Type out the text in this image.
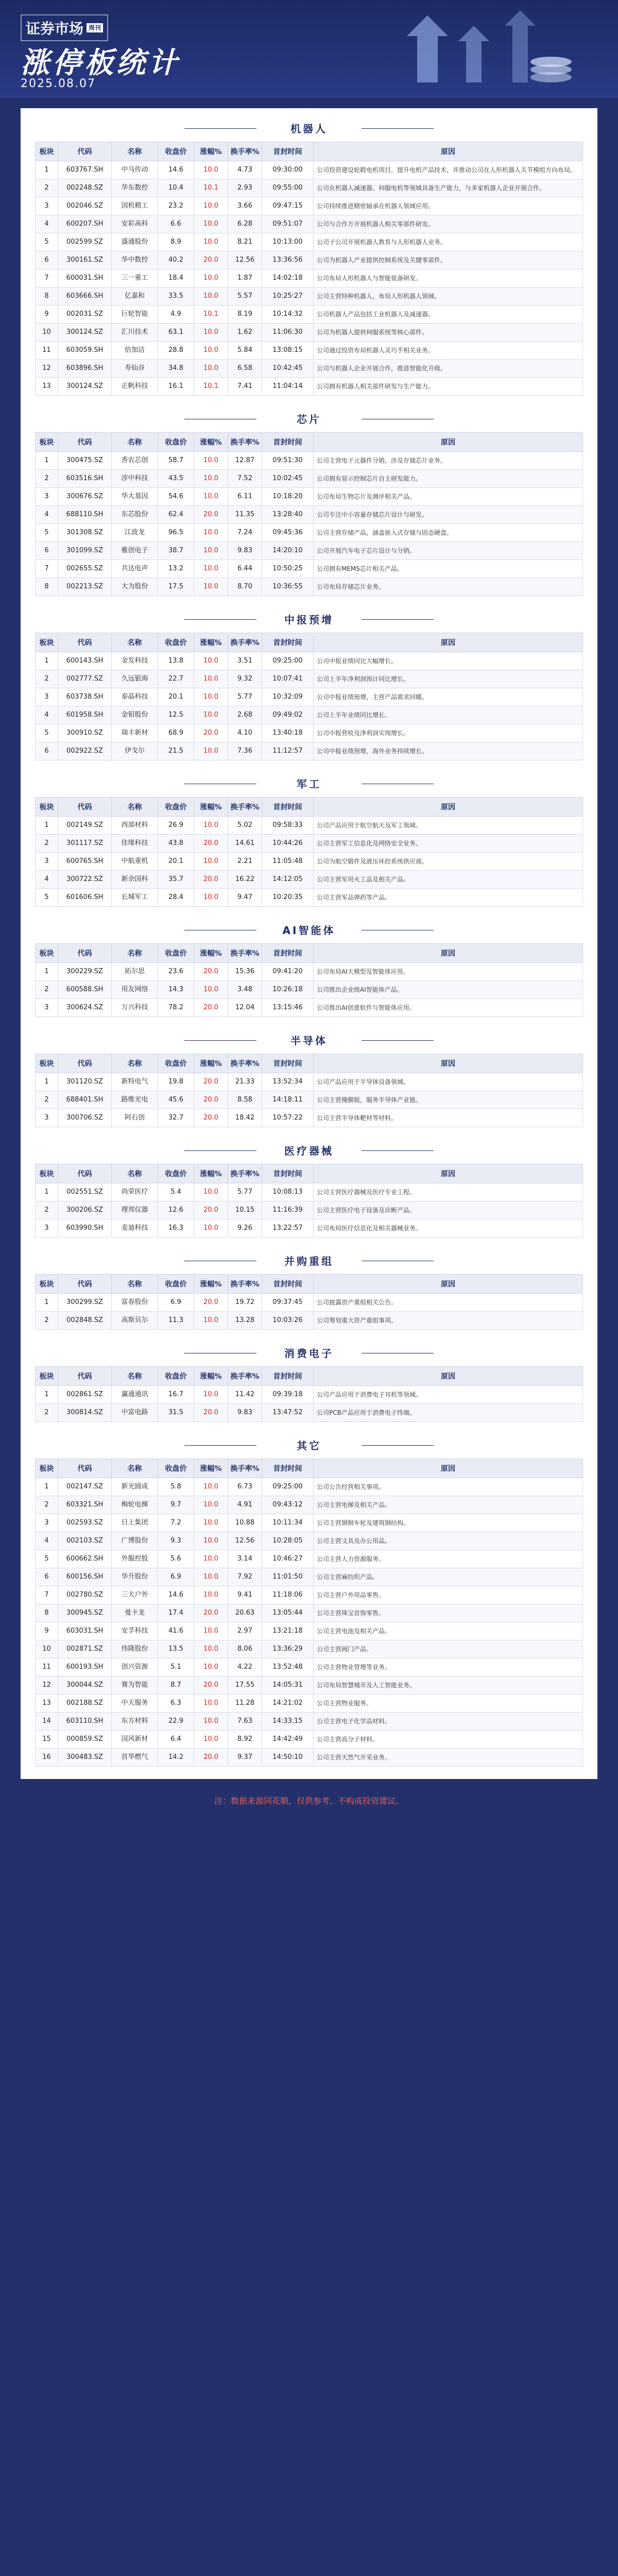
证券市场 周刊
涨停板统计
2025.08.07
机器人
板块	代码	名称	收盘价	涨幅%	换手率%	首封时间	原因
1	603767.SH	中马传动	14.6	10.0	4.73	09:30:00	公司投资建设轮毂电机项目，提升电机产品技术，并推动公司在人形机器人关节模组方向布局。
2	002248.SZ	华东数控	10.4	10.1	2.93	09:55:00	公司在机器人减速器、伺服电机等领域具备生产能力，与多家机器人企业开展合作。
3	002046.SZ	国机精工	23.2	10.0	3.66	09:47:15	公司持续推进精密轴承在机器人领域应用。
4	600207.SH	安彩高科	6.6	10.0	6.28	09:51:07	公司与合作方开展机器人相关零部件研发。
5	002599.SZ	盛通股份	8.9	10.0	8.21	10:13:00	公司子公司开展机器人教育与人形机器人业务。
6	300161.SZ	华中数控	40.2	20.0	12.56	13:36:56	公司为机器人产业提供控制系统及关键零部件。
7	600031.SH	三一重工	18.4	10.0	1.87	14:02:18	公司布局人形机器人与智能装备研发。
8	603666.SH	亿嘉和	33.5	10.0	5.57	10:25:27	公司主营特种机器人，布局人形机器人领域。
9	002031.SZ	巨轮智能	4.9	10.1	8.19	10:14:32	公司机器人产品包括工业机器人及减速器。
10	300124.SZ	汇川技术	63.1	10.0	1.62	11:06:30	公司为机器人提供伺服系统等核心部件。
11	603059.SH	倍加洁	28.8	10.0	5.84	13:08:15	公司通过投资布局机器人灵巧手相关业务。
12	603896.SH	寿仙谷	34.8	10.0	6.58	10:42:45	公司与机器人企业开展合作，推进智能化升级。
13	300124.SZ	正帆科技	16.1	10.1	7.41	11:04:14	公司拥有机器人相关部件研发与生产能力。
芯片
板块	代码	名称	收盘价	涨幅%	换手率%	首封时间	原因
1	300475.SZ	香农芯创	58.7	10.0	12.87	09:51:30	公司主营电子元器件分销，涉及存储芯片业务。
2	603516.SH	淳中科技	43.5	10.0	7.52	10:02:45	公司拥有显示控制芯片自主研发能力。
3	300676.SZ	华大基因	54.6	10.0	6.11	10:18:20	公司布局生物芯片及测序相关产品。
4	688110.SH	东芯股份	62.4	20.0	11.35	13:28:40	公司专注中小容量存储芯片设计与研发。
5	301308.SZ	江波龙	96.5	10.0	7.24	09:45:36	公司主营存储产品，涵盖嵌入式存储与固态硬盘。
6	301099.SZ	雅创电子	38.7	10.0	9.83	14:20:10	公司开展汽车电子芯片设计与分销。
7	002655.SZ	共达电声	13.2	10.0	6.44	10:50:25	公司拥有MEMS芯片相关产品。
8	002213.SZ	大为股份	17.5	10.0	8.70	10:36:55	公司布局存储芯片业务。
中报预增
板块	代码	名称	收盘价	涨幅%	换手率%	首封时间	原因
1	600143.SH	金发科技	13.8	10.0	3.51	09:25:00	公司中报业绩同比大幅增长。
2	002777.SZ	久远银海	22.7	10.0	9.32	10:07:41	公司上半年净利润预计同比增长。
3	603738.SH	泰晶科技	20.1	10.0	5.77	10:32:09	公司中报业绩预增，主营产品需求回暖。
4	601958.SH	金钼股份	12.5	10.0	2.68	09:49:02	公司上半年业绩同比增长。
5	300910.SZ	瑞丰新材	68.9	20.0	4.10	13:40:18	公司中报营收及净利润实现增长。
6	002922.SZ	伊戈尔	21.5	10.0	7.36	11:12:57	公司中报业绩预增，海外业务持续增长。
军工
板块	代码	名称	收盘价	涨幅%	换手率%	首封时间	原因
1	002149.SZ	西部材料	26.9	10.0	5.02	09:58:33	公司产品应用于航空航天及军工领域。
2	301117.SZ	佳缘科技	43.8	20.0	14.61	10:44:26	公司主营军工信息化及网络安全业务。
3	600765.SH	中航重机	20.1	10.0	2.21	11:05:48	公司为航空锻件及液压环控系统供应商。
4	300722.SZ	新余国科	35.7	20.0	16.22	14:12:05	公司主营军用火工品及相关产品。
5	601606.SH	长城军工	28.4	10.0	9.47	10:20:35	公司主营军品弹药等产品。
AI智能体
板块	代码	名称	收盘价	涨幅%	换手率%	首封时间	原因
1	300229.SZ	拓尔思	23.6	20.0	15.36	09:41:20	公司布局AI大模型及智能体应用。
2	600588.SH	用友网络	14.3	10.0	3.48	10:26:18	公司推出企业级AI智能体产品。
3	300624.SZ	万兴科技	78.2	20.0	12.04	13:15:46	公司推出AI创意软件与智能体应用。
半导体
板块	代码	名称	收盘价	涨幅%	换手率%	首封时间	原因
1	301120.SZ	新特电气	19.8	20.0	21.33	13:52:34	公司产品应用于半导体设备领域。
2	688401.SH	路维光电	45.6	20.0	8.58	14:18:11	公司主营掩膜版，服务半导体产业链。
3	300706.SZ	阿石创	32.7	20.0	18.42	10:57:22	公司主营半导体靶材等材料。
医疗器械
板块	代码	名称	收盘价	涨幅%	换手率%	首封时间	原因
1	002551.SZ	尚荣医疗	5.4	10.0	5.77	10:08:13	公司主营医疗器械及医疗专业工程。
2	300206.SZ	理邦仪器	12.6	20.0	10.15	11:16:39	公司主营医疗电子设备及诊断产品。
3	603990.SH	麦迪科技	16.3	10.0	9.26	13:22:57	公司布局医疗信息化及相关器械业务。
并购重组
板块	代码	名称	收盘价	涨幅%	换手率%	首封时间	原因
1	300299.SZ	富春股份	6.9	20.0	19.72	09:37:45	公司披露资产重组相关公告。
2	002848.SZ	高斯贝尔	11.3	10.0	13.28	10:03:26	公司筹划重大资产重组事项。
消费电子
板块	代码	名称	收盘价	涨幅%	换手率%	首封时间	原因
1	002861.SZ	瀛通通讯	16.7	10.0	11.42	09:39:18	公司产品应用于消费电子耳机等领域。
2	300814.SZ	中富电路	31.5	20.0	9.83	13:47:52	公司PCB产品应用于消费电子终端。
其它
板块	代码	名称	收盘价	涨幅%	换手率%	首封时间	原因
1	002147.SZ	新光圆成	5.8	10.0	6.73	09:25:00	公司公告经营相关事项。
2	603321.SH	梅轮电梯	9.7	10.0	4.91	09:43:12	公司主营电梯及相关产品。
3	002593.SZ	日上集团	7.2	10.0	10.88	10:11:34	公司主营钢制车轮及建筑钢结构。
4	002103.SZ	广博股份	9.3	10.0	12.56	10:28:05	公司主营文具及办公用品。
5	600662.SH	外服控股	5.6	10.0	3.14	10:46:27	公司主营人力资源服务。
6	600156.SH	华升股份	6.9	10.0	7.92	11:01:50	公司主营麻纺织产品。
7	002780.SZ	三夫户外	14.6	10.0	9.41	11:18:06	公司主营户外用品零售。
8	300945.SZ	曼卡龙	17.4	20.0	20.63	13:05:44	公司主营珠宝首饰零售。
9	603031.SH	安孚科技	41.6	10.0	2.97	13:21:18	公司主营电池及相关产品。
10	002871.SZ	伟隆股份	13.5	10.0	8.06	13:36:29	公司主营阀门产品。
11	600193.SH	创兴资源	5.1	10.0	4.22	13:52:48	公司主营物业管理等业务。
12	300044.SZ	赛为智能	8.7	20.0	17.55	14:05:31	公司布局智慧城市及人工智能业务。
13	002188.SZ	中天服务	6.3	10.0	11.28	14:21:02	公司主营物业服务。
14	603110.SH	东方材料	22.9	10.0	7.63	14:33:15	公司主营电子化学品材料。
15	000859.SZ	国风新材	6.4	10.0	8.92	14:42:49	公司主营高分子材料。
16	300483.SZ	首华燃气	14.2	20.0	9.37	14:50:10	公司主营天然气开采业务。
注：数据来源同花顺，仅供参考，不构成投资建议。
